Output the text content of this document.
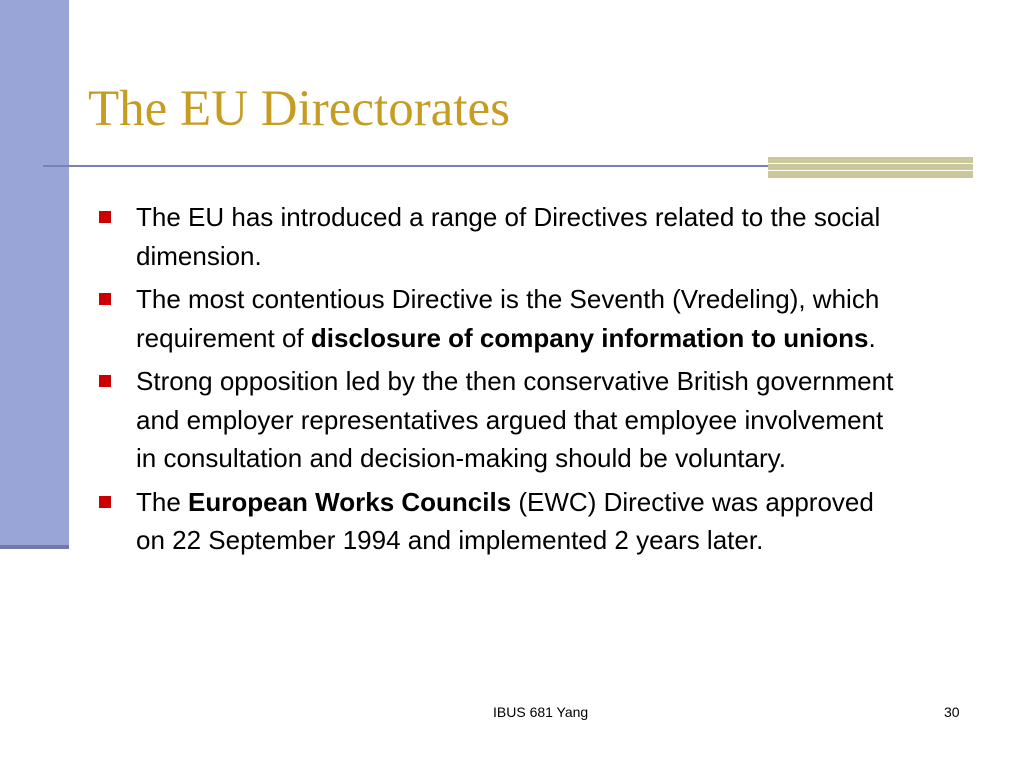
The EU Directorates
The EU has introduced a range of Directives related to the social dimension.
The most contentious Directive is the Seventh (Vredeling), which requirement of disclosure of company information to unions.
Strong opposition led by the then conservative British government and employer representatives argued that employee involvement in consultation and decision-making should be voluntary.
The European Works Councils (EWC) Directive was approved on 22 September 1994 and implemented 2 years later.
IBUS 681 Yang	30
